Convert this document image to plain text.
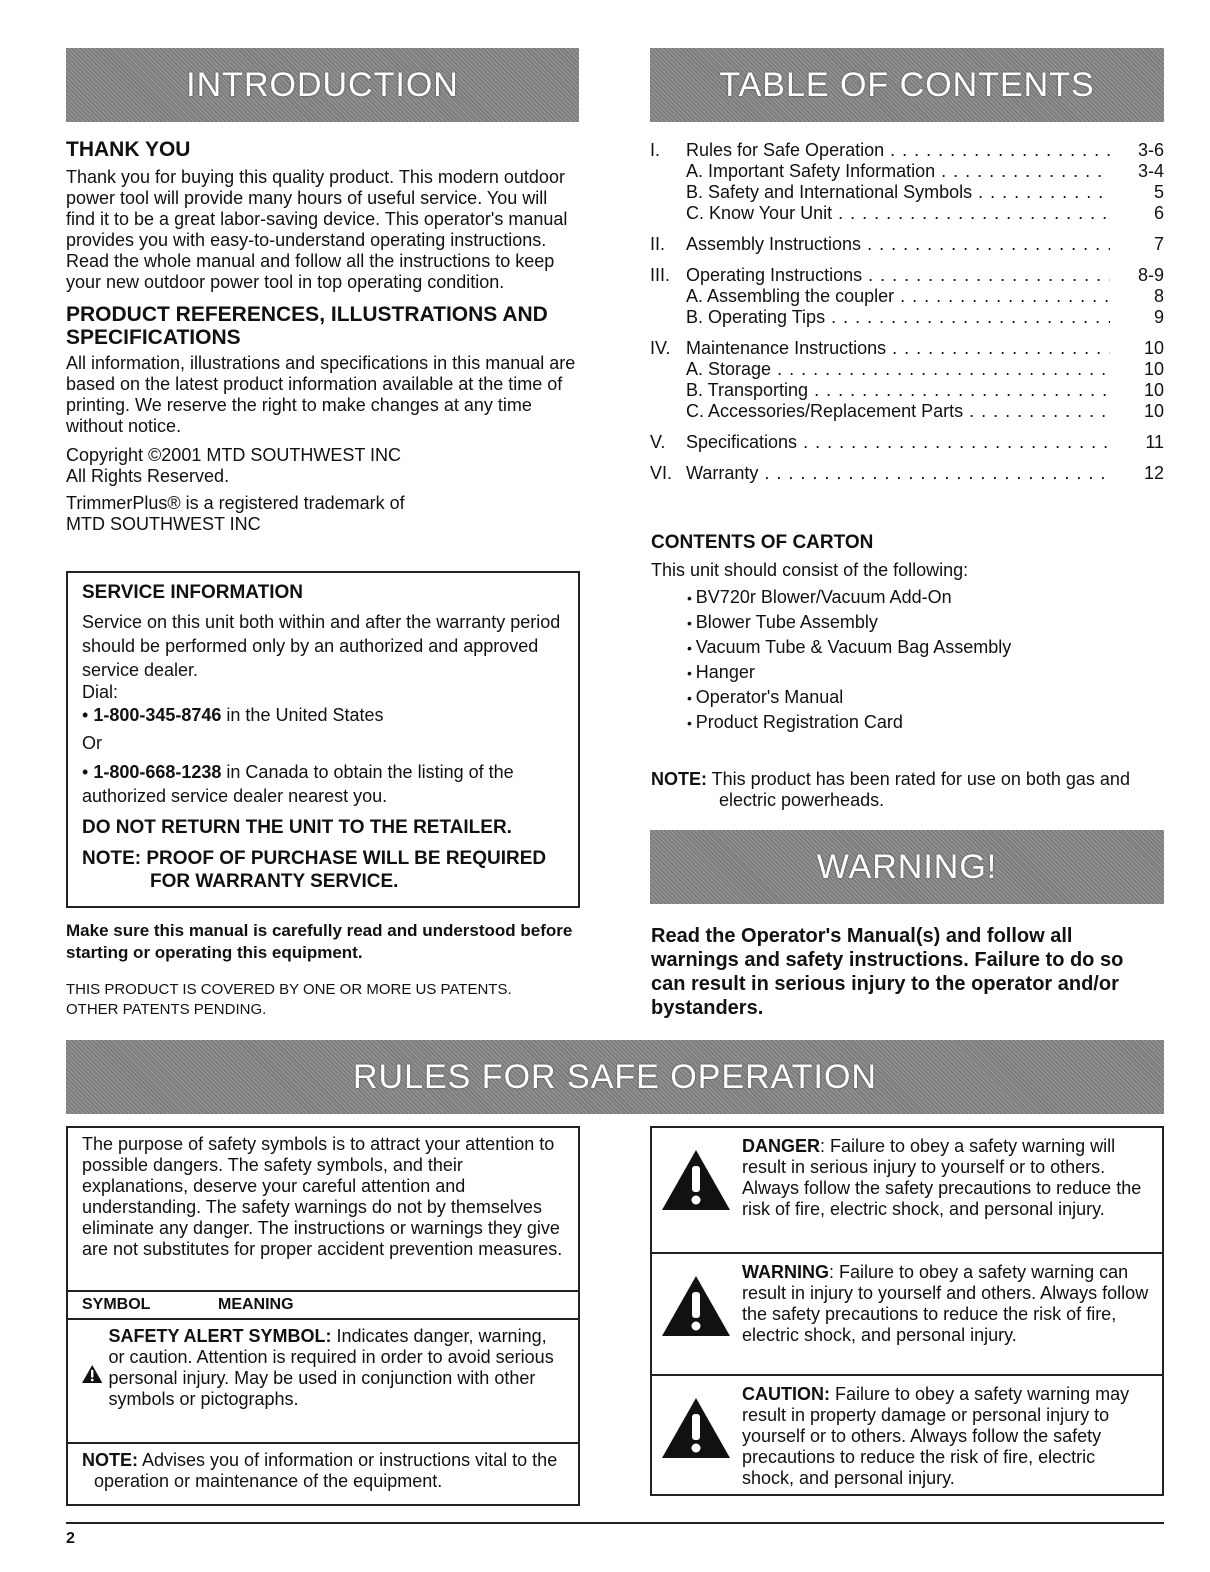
INTRODUCTION

THANK YOU

Thank you for buying this quality product. This modern outdoor power tool will provide many hours of useful service. You will find it to be a great labor-saving device. This operator's manual provides you with easy-to-understand operating instructions. Read the whole manual and follow all the instructions to keep your new outdoor power tool in top operating condition.

PRODUCT REFERENCES, ILLUSTRATIONS AND SPECIFICATIONS

All information, illustrations and specifications in this manual are based on the latest product information available at the time of printing. We reserve the right to make changes at any time without notice.

Copyright ©2001 MTD SOUTHWEST INC

All Rights Reserved.

TrimmerPlus® is a registered trademark of

MTD SOUTHWEST INC

SERVICE INFORMATION

Service on this unit both within and after the warranty period should be performed only by an authorized and approved service dealer.

Dial:

• 1-800-345-8746 in the United States

Or

• 1-800-668-1238 in Canada to obtain the listing of the authorized service dealer nearest you.

DO NOT RETURN THE UNIT TO THE RETAILER.

NOTE: PROOF OF PURCHASE WILL BE REQUIRED

FOR WARRANTY SERVICE.

Make sure this manual is carefully read and understood before starting or operating this equipment.

THIS PRODUCT IS COVERED BY ONE OR MORE US PATENTS. OTHER PATENTS PENDING.

TABLE OF CONTENTS
I.	Rules for Safe Operation . . .	3-6
A. Important Safety Information . . .	3-4
B. Safety and International Symbols . . .	5
C. Know Your Unit . . .	6
II.	Assembly Instructions . . .	7
III. Operating Instructions . . .	8-9
A. Assembling the coupler . . .	8
B. Operating Tips . . .	9
IV. Maintenance Instructions . . .	10
A. Storage . . .	10
B. Transporting . . .	10
C. Accessories/Replacement Parts . . .	10
V.	Specifications . . .	11
VI. Warranty . . .	12

CONTENTS OF CARTON

This unit should consist of the following:

• BV720r Blower/Vacuum Add-On
• Blower Tube Assembly
• Vacuum Tube & Vacuum Bag Assembly
• Hanger
• Operator's Manual
• Product Registration Card

NOTE: This product has been rated for use on both gas and electric powerheads.

WARNING!

Read the Operator's Manual(s) and follow all warnings and safety instructions. Failure to do so can result in serious injury to the operator and/or bystanders.

RULES FOR SAFE OPERATION

The purpose of safety symbols is to attract your attention to possible dangers. The safety symbols, and their explanations, deserve your careful attention and understanding. The safety warnings do not by themselves eliminate any danger. The instructions or warnings they give are not substitutes for proper accident prevention measures.

SYMBOL	MEANING

SAFETY ALERT SYMBOL: Indicates danger, warning, or caution. Attention is required in order to avoid serious personal injury. May be used in conjunction with other symbols or pictographs.

NOTE: Advises you of information or instructions vital to the operation or maintenance of the equipment.

DANGER: Failure to obey a safety warning will result in serious injury to yourself or to others. Always follow the safety precautions to reduce the risk of fire, electric shock, and personal injury.

WARNING: Failure to obey a safety warning can result in injury to yourself and others. Always follow the safety precautions to reduce the risk of fire, electric shock, and personal injury.

CAUTION: Failure to obey a safety warning may result in property damage or personal injury to yourself or to others. Always follow the safety precautions to reduce the risk of fire, electric shock, and personal injury.

2
